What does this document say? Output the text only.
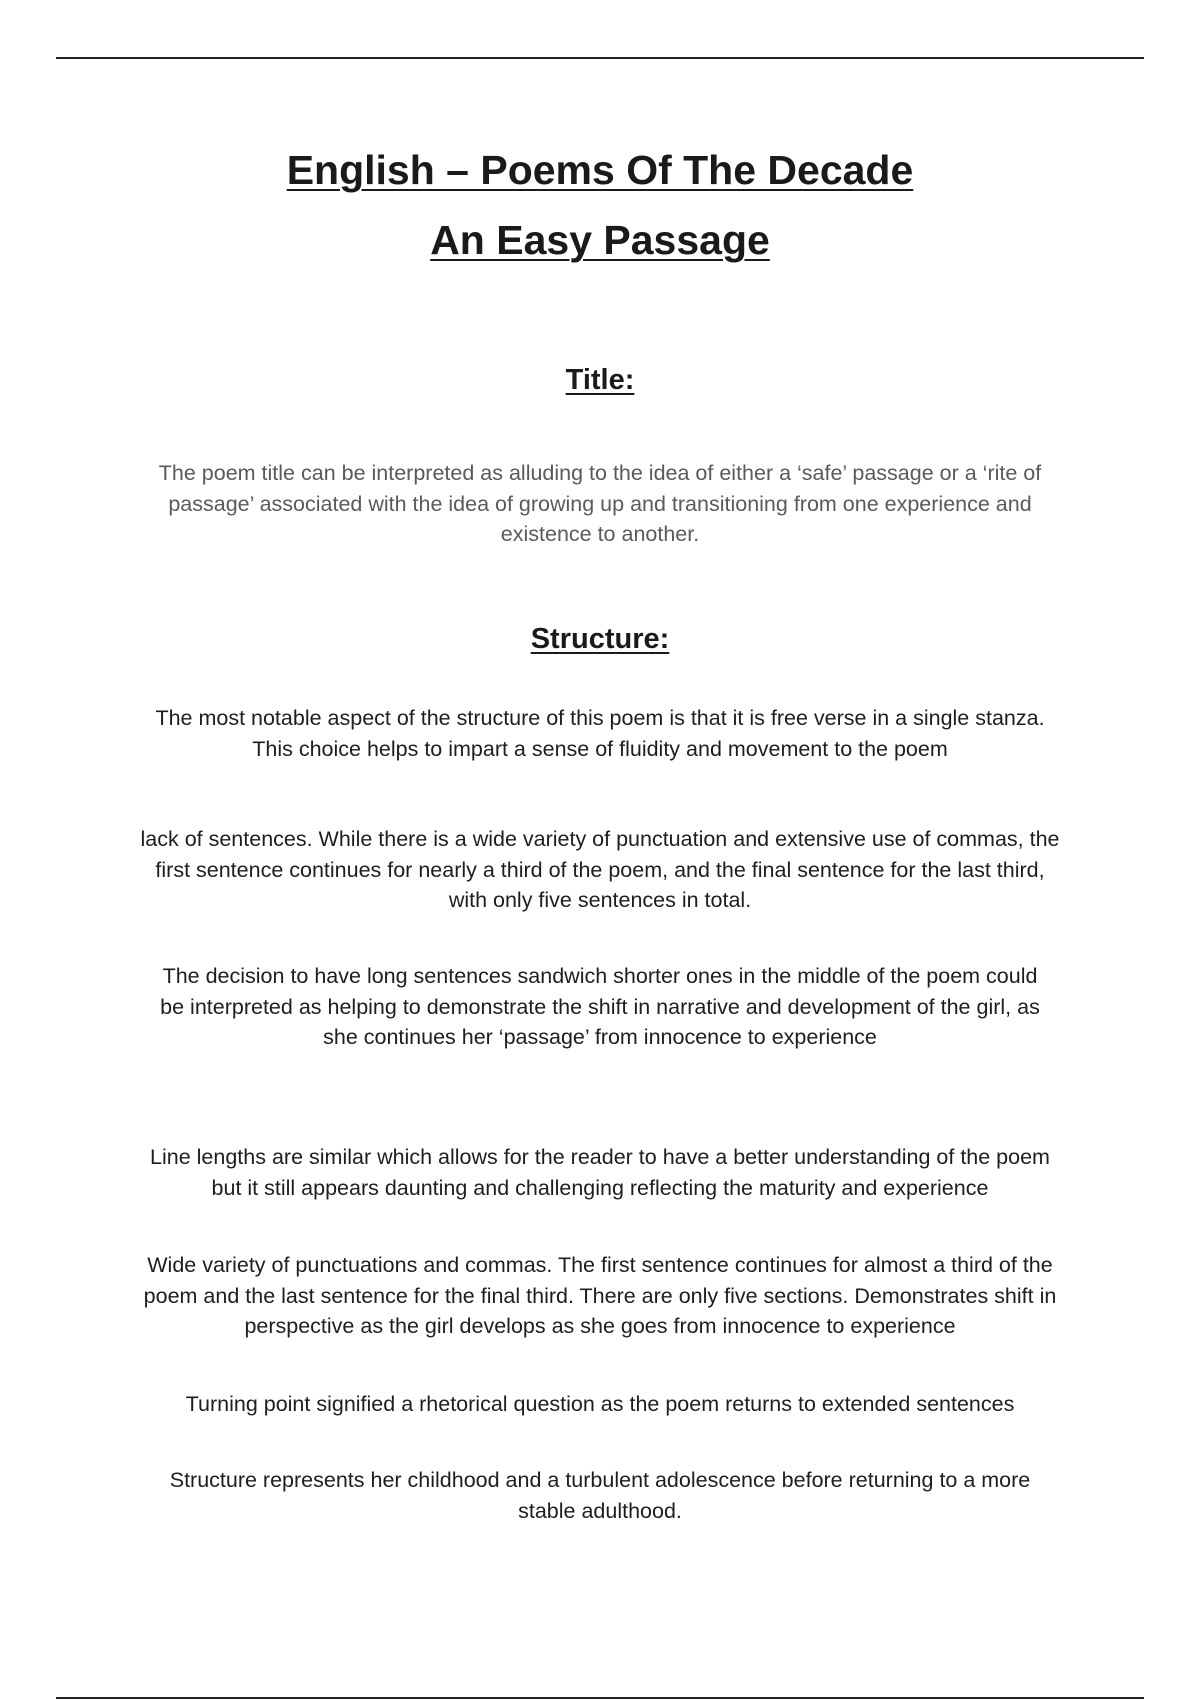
English – Poems Of The Decade
An Easy Passage
Title:

The poem title can be interpreted as alluding to the idea of either a ‘safe’ passage or a ‘rite of passage’ associated with the idea of growing up and transitioning from one experience and existence to another.

Structure:

The most notable aspect of the structure of this poem is that it is free verse in a single stanza. This choice helps to impart a sense of fluidity and movement to the poem

lack of sentences. While there is a wide variety of punctuation and extensive use of commas, the first sentence continues for nearly a third of the poem, and the final sentence for the last third, with only five sentences in total.

The decision to have long sentences sandwich shorter ones in the middle of the poem could be interpreted as helping to demonstrate the shift in narrative and development of the girl, as she continues her ‘passage’ from innocence to experience

Line lengths are similar which allows for the reader to have a better understanding of the poem but it still appears daunting and challenging reflecting the maturity and experience

Wide variety of punctuations and commas. The first sentence continues for almost a third of the poem and the last sentence for the final third. There are only five sections. Demonstrates shift in perspective as the girl develops as she goes from innocence to experience

Turning point signified a rhetorical question as the poem returns to extended sentences

Structure represents her childhood and a turbulent adolescence before returning to a more stable adulthood.
